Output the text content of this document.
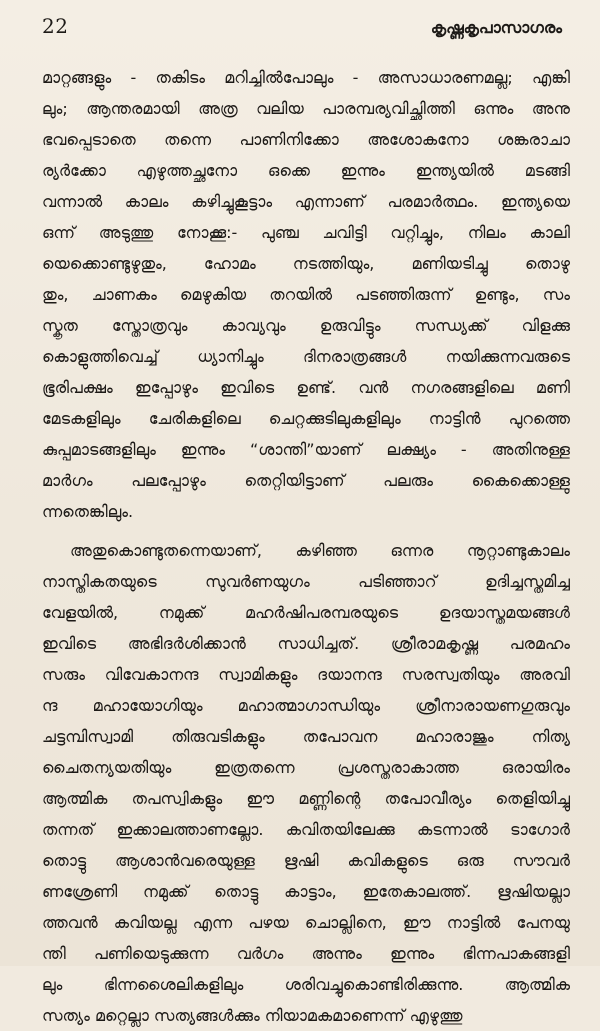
22	കൃഷ്ണകൃപാസാഗരം

മാറ്റങ്ങളും - തകിടം മറിച്ചിൽപോലും - അസാധാരണമല്ല; എങ്കി
ലും; ആന്തരമായി അത്ര വലിയ പാരമ്പര്യവിച്ഛിത്തി ഒന്നും അനു
ഭവപ്പെടാതെ തന്നെ പാണിനിക്കോ അശോകനോ ശങ്കരാചാ
ര്യർക്കോ എഴുത്തച്ഛനോ ഒക്കെ ഇന്നും ഇന്ത്യയിൽ മടങ്ങി
വന്നാൽ കാലം കഴിച്ചുകൂട്ടാം എന്നാണ് പരമാർത്ഥം. ഇന്ത്യയെ
ഒന്ന് അടുത്തു നോക്കൂ:- പുഞ്ച ചവിട്ടി വറ്റിച്ചും, നിലം കാലി
യെക്കൊണ്ടുഴുതും, ഹോമം നടത്തിയും, മണിയടിച്ചു തൊഴു
തും, ചാണകം മെഴുകിയ തറയിൽ പടഞ്ഞിരുന്ന് ഉണ്ടും, സം
സ്കൃത സ്തോത്രവും കാവ്യവും ഉരുവിട്ടും സന്ധ്യക്ക് വിളക്കു
കൊളുത്തിവെച്ച് ധ്യാനിച്ചും ദിനരാത്രങ്ങൾ നയിക്കുന്നവരുടെ
ഭൂരിപക്ഷം ഇപ്പോഴും ഇവിടെ ഉണ്ട്. വൻ നഗരങ്ങളിലെ മണി
മേടകളിലും ചേരികളിലെ ചെറ്റക്കുടിലുകളിലും നാട്ടിൻ പുറത്തെ
കുപ്പമാടങ്ങളിലും ഇന്നും “ശാന്തി”യാണ് ലക്ഷ്യം - അതിനുള്ള
മാർഗം പലപ്പോഴും തെറ്റിയിട്ടാണ് പലരും കൈക്കൊള്ളു
ന്നതെങ്കിലും.

അതുകൊണ്ടുതന്നെയാണ്, കഴിഞ്ഞ ഒന്നര നൂറ്റാണ്ടുകാലം
നാസ്തികതയുടെ സുവർണയുഗം പടിഞ്ഞാറ് ഉദിച്ചസ്തമിച്ച
വേളയിൽ, നമുക്ക് മഹർഷിപരമ്പരയുടെ ഉദയാസ്തമയങ്ങൾ
ഇവിടെ അഭിദർശിക്കാൻ സാധിച്ചത്. ശ്രീരാമകൃഷ്ണ പരമഹം
സരും വിവേകാനന്ദ സ്വാമികളും ദയാനന്ദ സരസ്വതിയും അരവി
ന്ദ മഹായോഗിയും മഹാത്മാഗാന്ധിയും ശ്രീനാരായണഗുരുവും
ചട്ടമ്പിസ്വാമി തിരുവടികളും തപോവന മഹാരാജും നിത്യ
ചൈതന്യയതിയും ഇത്രതന്നെ പ്രശസ്തരാകാത്ത ഒരായിരം
ആത്മിക തപസ്വികളും ഈ മണ്ണിന്റെ തപോവീര്യം തെളിയിച്ചു
തന്നത് ഇക്കാലത്താണല്ലോ. കവിതയിലേക്കു കടന്നാൽ ടാഗോർ
തൊട്ടു ആശാൻവരെയുള്ള ഋഷി കവികളുടെ ഒരു സൗവർ
ണശ്രേണി നമുക്ക് തൊട്ടു കാട്ടാം, ഇതേകാലത്ത്. ഋഷിയല്ലാ
ത്തവൻ കവിയല്ല എന്ന പഴയ ചൊല്ലിനെ, ഈ നാട്ടിൽ പേനയു
ന്തി പണിയെടുക്കുന്ന വർഗം അന്നും ഇന്നും ഭിന്നപാകങ്ങളി
ലും ഭിന്നശൈലികളിലും ശരിവച്ചുകൊണ്ടിരിക്കുന്നു. ആത്മിക
സത്യം മറ്റെല്ലാ സത്യങ്ങൾക്കും നിയാമകമാണെന്ന് എഴുത്തു
